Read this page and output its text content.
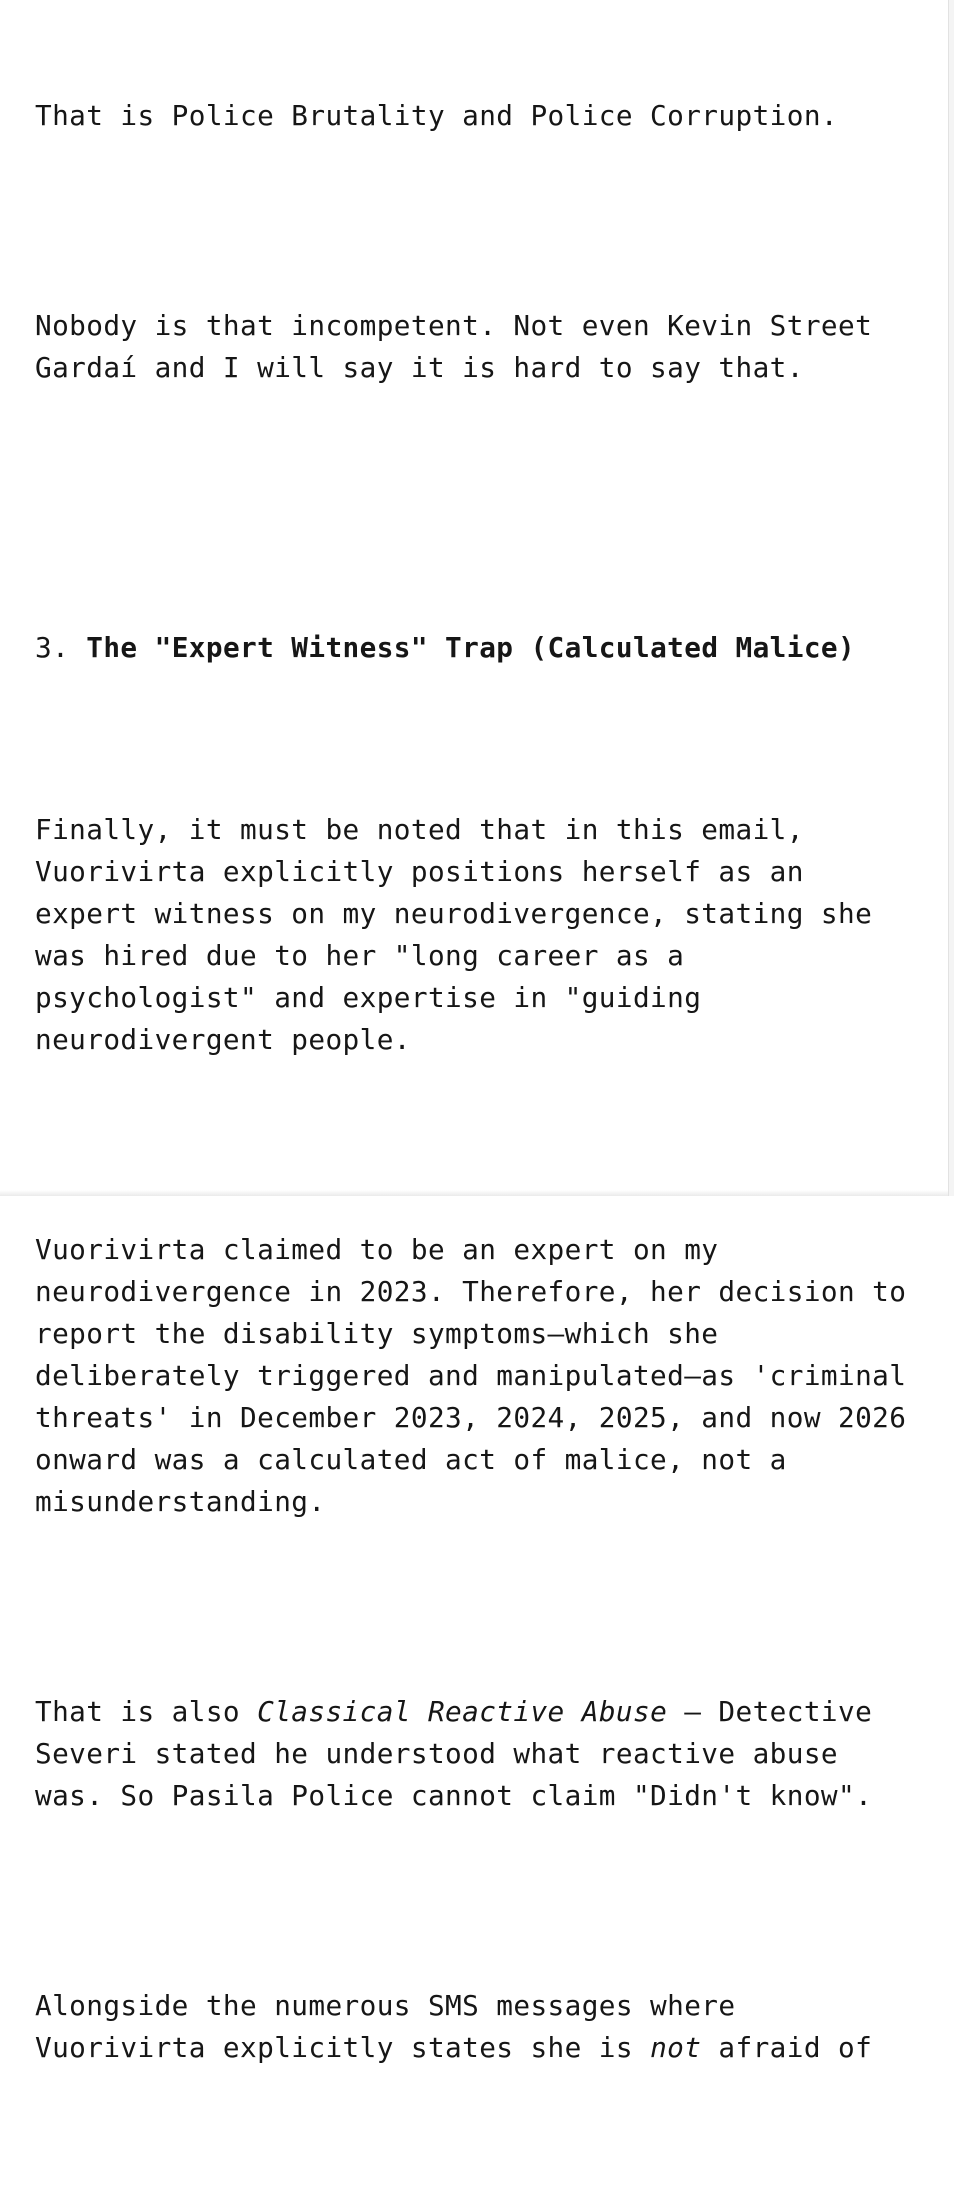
That is Police Brutality and Police Corruption.

Nobody is that incompetent. Not even Kevin Street
Gardaí and I will say it is hard to say that.

3. The "Expert Witness" Trap (Calculated Malice)

Finally, it must be noted that in this email,
Vuorivirta explicitly positions herself as an
expert witness on my neurodivergence, stating she
was hired due to her "long career as a
psychologist" and expertise in "guiding
neurodivergent people.

Vuorivirta claimed to be an expert on my
neurodivergence in 2023. Therefore, her decision to
report the disability symptoms—which she
deliberately triggered and manipulated—as 'criminal
threats' in December 2023, 2024, 2025, and now 2026
onward was a calculated act of malice, not a
misunderstanding.

That is also Classical Reactive Abuse – Detective
Severi stated he understood what reactive abuse
was. So Pasila Police cannot claim "Didn't know".

Alongside the numerous SMS messages where
Vuorivirta explicitly states she is not afraid of
